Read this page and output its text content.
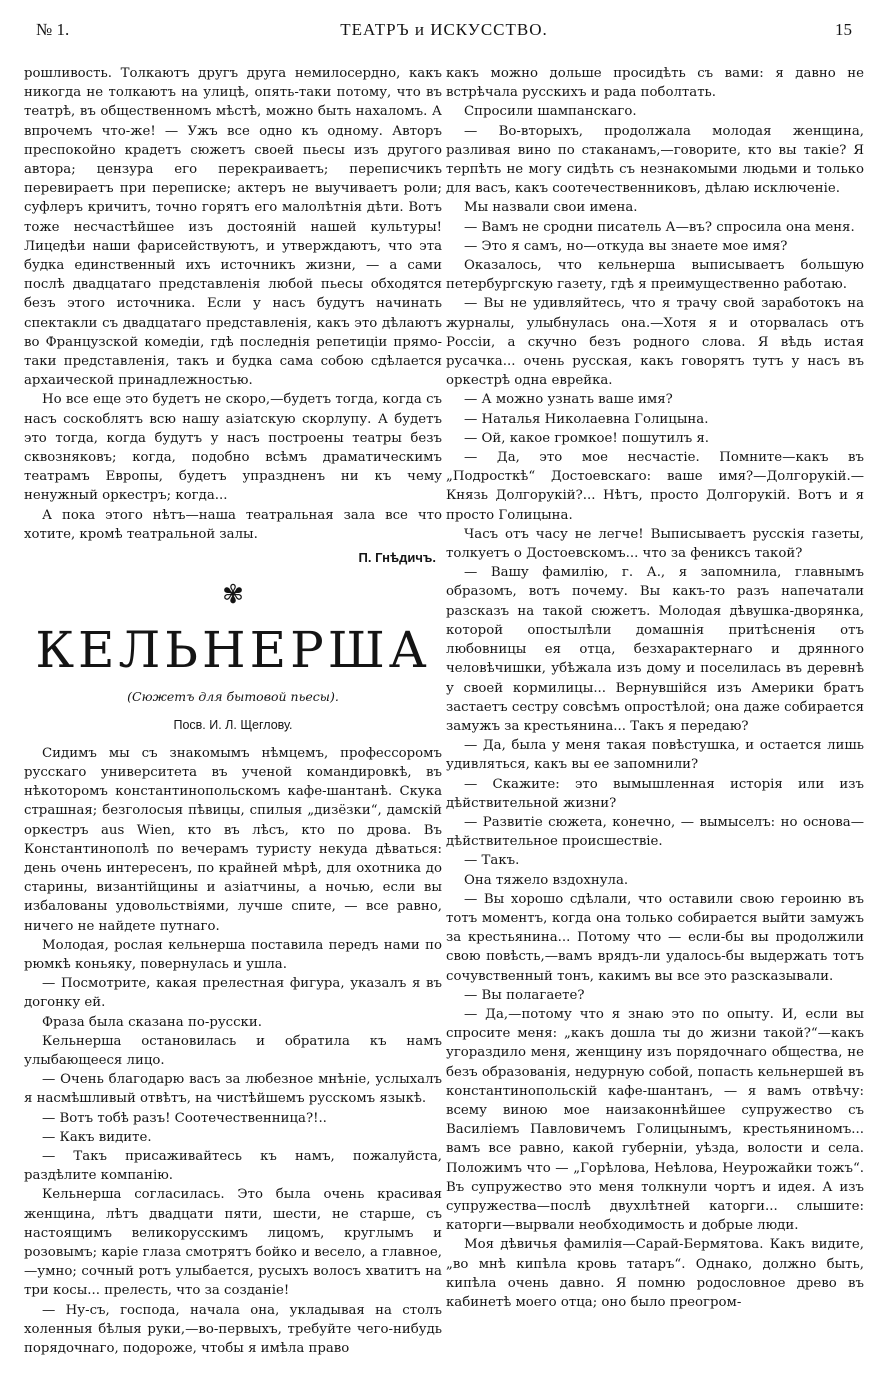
№ 1.	ТЕАТРЪ и ИСКУССТВО.	15

рошливость. Толкаютъ другъ друга немилосердно, какъ никогда не толкаютъ на улицѣ, опять-таки потому, что въ театрѣ, въ общественномъ мѣстѣ, можно быть нахаломъ. А впрочемъ что-же! — Ужъ все одно къ одному. Авторъ преспокойно крадетъ сюжетъ своей пьесы изъ другого автора; цензура его перекраиваетъ; переписчикъ перевираетъ при переписке; актеръ не выучиваетъ роли; суфлеръ кричитъ, точно горятъ его малолѣтнiя дѣти. Вотъ тоже несчастѣйшее изъ достоянiй нашей культуры! Лицедѣи наши фарисействуютъ, и утверждаютъ, что эта будка единственный ихъ источникъ жизни, — а сами послѣ двадцатаго представленiя любой пьесы обходятся безъ этого источника. Если у насъ будутъ начинать спектакли съ двадцатаго представленiя, какъ это дѣлаютъ во Французской комедiи, гдѣ последнiя репетицiи прямо-таки представленiя, такъ и будка сама собою сдѣлается архаической принадлежностью.

Но все еще это будетъ не скоро,—будетъ тогда, когда съ насъ соскоблятъ всю нашу азiатскую скорлупу. А будетъ это тогда, когда будутъ у насъ построены театры безъ сквозняковъ; когда, подобно всѣмъ драматическимъ театрамъ Европы, будетъ упраздненъ ни къ чему ненужный оркестръ; когда...

А пока этого нѣтъ—наша театральная зала все что хотите, кромѣ театральной залы.

П. Гнѣдичъ.
✾
КЕЛЬНЕРША
(Сюжетъ для бытовой пьесы).
Посв. И. Л. Щеглову.

Сидимъ мы съ знакомымъ нѣмцемъ, профессоромъ русскаго университета въ ученой командировкѣ, въ нѣкоторомъ константинопольскомъ кафе-шантанѣ. Скука страшная; безголосыя пѣвицы, спилыя „дизёзки“, дамскiй оркестръ aus Wien, кто въ лѣсъ, кто по дрова. Въ Константинополѣ по вечерамъ туристу некуда дѣваться: день очень интересенъ, по крайней мѣрѣ, для охотника до старины, византiйщины и азiатчины, а ночью, если вы избалованы удовольствiями, лучше спите, — все равно, ничего не найдете путнаго.

Молодая, рослая кельнерша поставила передъ нами по рюмкѣ коньяку, повернулась и ушла.

— Посмотрите, какая прелестная фигура, указалъ я въ догонку ей.

Фраза была сказана по-русски.

Кельнерша остановилась и обратила къ намъ улыбающееся лицо.

— Очень благодарю васъ за любезное мнѣнiе, услыхалъ я насмѣшливый отвѣтъ, на чистѣйшемъ русскомъ языкѣ.

— Вотъ тобѣ разъ! Соотечественница?!..

— Какъ видите.

— Такъ присаживайтесь къ намъ, пожалуйста, раздѣлите компанiю.

Кельнерша согласилась. Это была очень красивая женщина, лѣтъ двадцати пяти, шести, не старше, съ настоящимъ великорусскимъ лицомъ, круглымъ и розовымъ; карiе глаза смотрятъ бойко и весело, а главное,—умно; сочный ротъ улыбается, русыхъ волосъ хватитъ на три косы... прелесть, что за созданiе!

— Ну-съ, господа, начала она, укладывая на столъ холенныя бѣлыя руки,—во-первыхъ, требуйте чего-нибудь порядочнаго, подороже, чтобы я имѣла право

какъ можно дольше просидѣть съ вами: я давно не встрѣчала русскихъ и рада поболтать.

Спросили шампанскаго.

— Во-вторыхъ, продолжала молодая женщина, разливая вино по стаканамъ,—говорите, кто вы такiе? Я терпѣть не могу сидѣть съ незнакомыми людьми и только для васъ, какъ соотечественниковъ, дѣлаю исключенiе.

Мы назвали свои имена.

— Вамъ не сродни писатель А—въ? спросила она меня.

— Это я самъ, но—откуда вы знаете мое имя?

Оказалось, что кельнерша выписываетъ большую петербургскую газету, гдѣ я преимущественно работаю.

— Вы не удивляйтесь, что я трачу свой заработокъ на журналы, улыбнулась она.—Хотя я и оторвалась отъ Россiи, а скучно безъ родного слова. Я вѣдь истая русачка... очень русская, какъ говорятъ тутъ у насъ въ оркестрѣ одна еврейка.

— А можно узнать ваше имя?

— Наталья Николаевна Голицына.

— Ой, какое громкое! пошутилъ я.

— Да, это мое несчастiе. Помните—какъ въ „Подросткѣ“ Достоевскаго: ваше имя?—Долгорукiй.—Князь Долгорукiй?... Нѣтъ, просто Долгорукiй. Вотъ и я просто Голицына.

Часъ отъ часу не легче! Выписываетъ русскiя газеты, толкуетъ о Достоевскомъ... что за фениксъ такой?

— Вашу фамилiю, г. А., я запомнила, главнымъ образомъ, вотъ почему. Вы какъ-то разъ напечатали разсказъ на такой сюжетъ. Молодая дѣвушка-дворянка, которой опостылѣли домашнiя притѣсненiя отъ любовницы ея отца, безхарактернаго и дрянного человѣчишки, убѣжала изъ дому и поселилась въ деревнѣ у своей кормилицы... Вернувшiйся изъ Америки братъ застаетъ сестру совсѣмъ опростѣлой; она даже собирается замужъ за крестьянина... Такъ я передаю?

— Да, была у меня такая повѣстушка, и остается лишь удивляться, какъ вы ее запомнили?

— Скажите: это вымышленная исторiя или изъ дѣйствительной жизни?

— Развитiе сюжета, конечно, — вымыселъ: но основа—дѣйствительное происшествiе.

— Такъ.

Она тяжело вздохнула.

— Вы хорошо сдѣлали, что оставили свою героиню въ тотъ моментъ, когда она только собирается выйти замужъ за крестьянина... Потому что — если-бы вы продолжили свою повѣсть,—вамъ врядъ-ли удалось-бы выдержать тотъ сочувственный тонъ, какимъ вы все это разсказывали.

— Вы полагаете?

— Да,—потому что я знаю это по опыту. И, если вы спросите меня: „какъ дошла ты до жизни такой?“—какъ угораздило меня, женщину изъ порядочнаго общества, не безъ образованiя, недурную собой, попасть кельнершей въ константинопольскiй кафе-шантанъ, — я вамъ отвѣчу: всему виною мое наизаконнѣйшее супружество съ Василiемъ Павловичемъ Голицынымъ, крестьяниномъ... вамъ все равно, какой губернiи, уѣзда, волости и села. Положимъ что — „Горѣлова, Неѣлова, Неурожайки тожъ“. Въ супружество это меня толкнули чортъ и идея. А изъ супружества—послѣ двухлѣтней каторги... слышите: каторги—вырвали необходимость и добрые люди.

Моя дѣвичья фамилiя—Сарай-Бермятова. Какъ видите, „во мнѣ кипѣла кровь татаръ“. Однако, должно быть, кипѣла очень давно. Я помню родословное древо въ кабинетѣ моего отца; оно было преогром-
